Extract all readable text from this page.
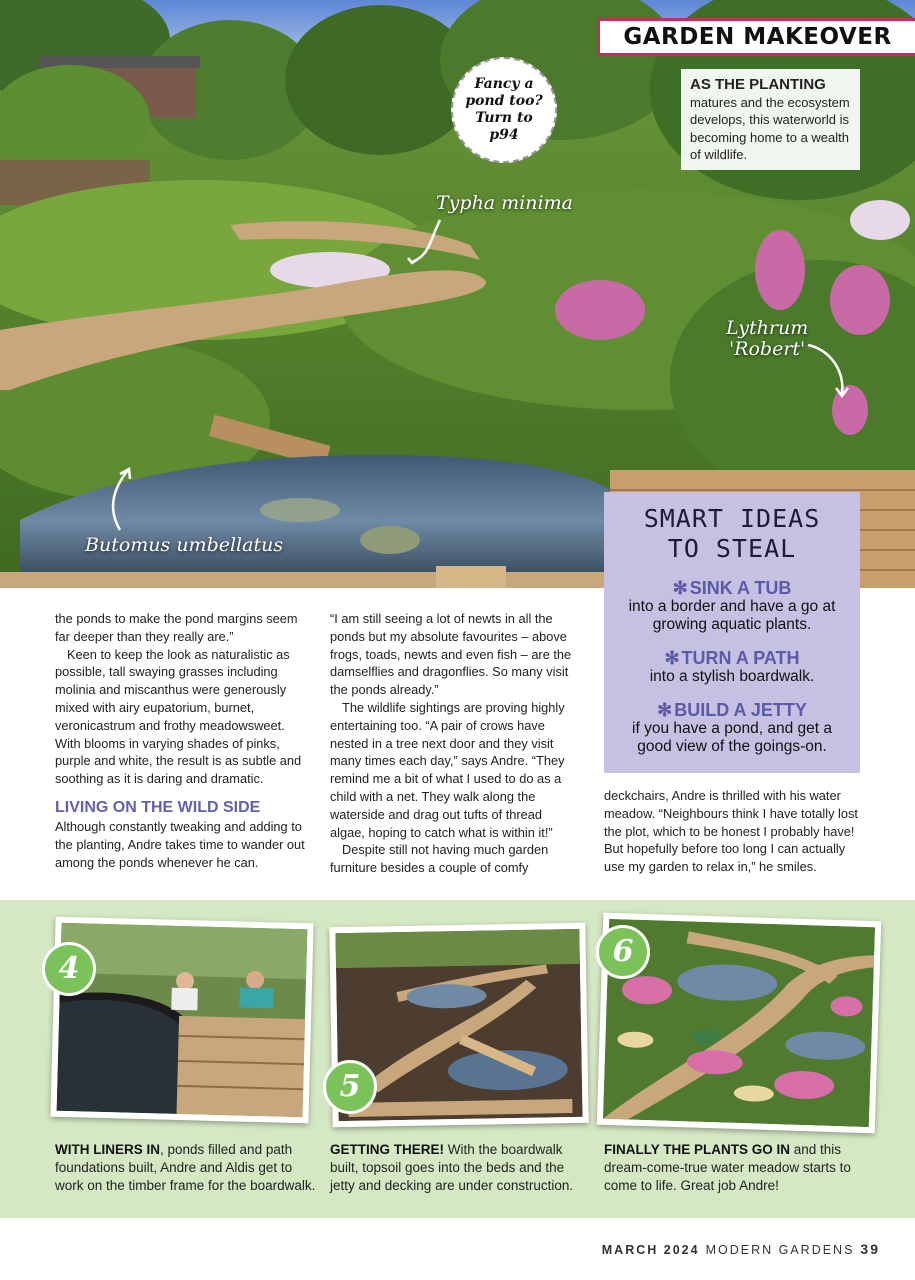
GARDEN MAKEOVER
AS THE PLANTING
matures and the ecosystem develops, this waterworld is becoming home to a wealth of wildlife.
Fancy a pond too? Turn to p94
Typha minima
Lythrum
'Robert'
Butomus umbellatus
SMART IDEAS
TO STEAL
✻ SINK A TUB
into a border and have a go at growing aquatic plants.
✻ TURN A PATH
into a stylish boardwalk.
✻ BUILD A JETTY
if you have a pond, and get a good view of the goings-on.

the ponds to make the pond margins seem far deeper than they really are.”

Keen to keep the look as naturalistic as possible, tall swaying grasses including molinia and miscanthus were generously mixed with airy eupatorium, burnet, veronicastrum and frothy meadowsweet. With blooms in varying shades of pinks, purple and white, the result is as subtle and soothing as it is daring and dramatic.

LIVING ON THE WILD SIDE

Although constantly tweaking and adding to the planting, Andre takes time to wander out among the ponds whenever he can.

“I am still seeing a lot of newts in all the ponds but my absolute favourites – above frogs, toads, newts and even fish – are the damselflies and dragonflies. So many visit the ponds already.”

The wildlife sightings are proving highly entertaining too. “A pair of crows have nested in a tree next door and they visit many times each day,” says Andre. “They remind me a bit of what I used to do as a child with a net. They walk along the waterside and drag out tufts of thread algae, hoping to catch what is within it!”

Despite still not having much garden furniture besides a couple of comfy

deckchairs, Andre is thrilled with his water meadow. “Neighbours think I have totally lost the plot, which to be honest I probably have! But hopefully before too long I can actually use my garden to relax in,” he smiles.

4
WITH LINERS IN, ponds filled and path foundations built, Andre and Aldis get to work on the timber frame for the boardwalk.
5
GETTING THERE! With the boardwalk built, topsoil goes into the beds and the jetty and decking are under construction.
6
FINALLY THE PLANTS GO IN and this dream-come-true water meadow starts to come to life. Great job Andre!
MARCH 2024 MODERN GARDENS 39
